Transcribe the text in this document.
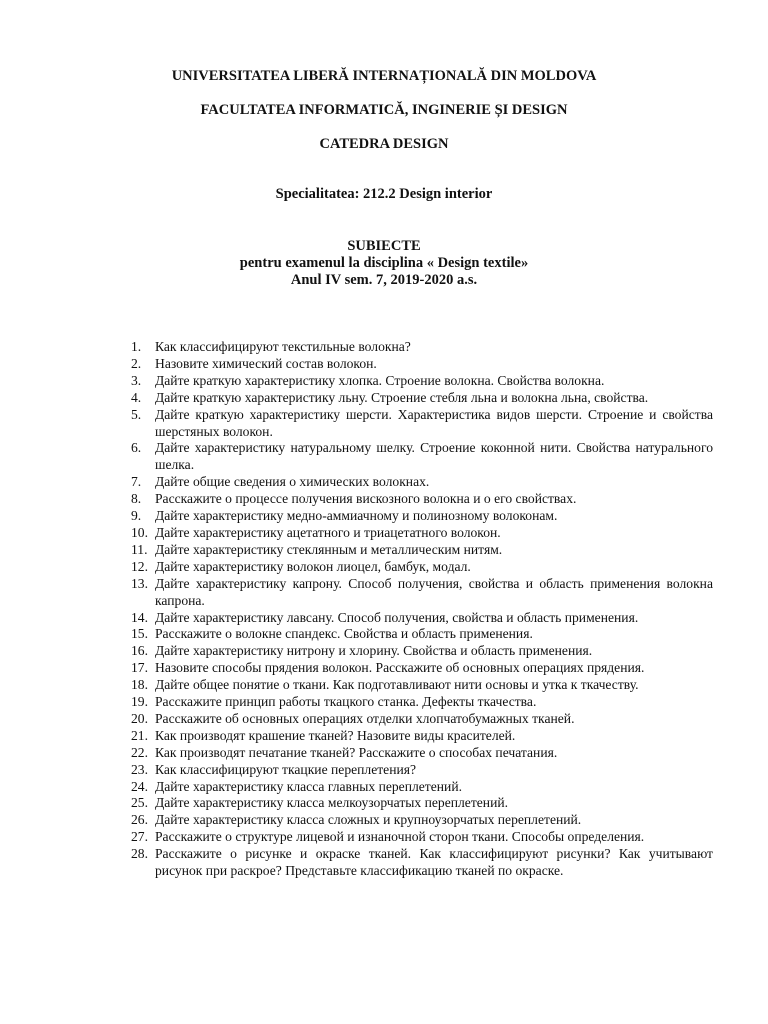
UNIVERSITATEA LIBERĂ INTERNAȚIONALĂ DIN MOLDOVA

FACULTATEA INFORMATICĂ, INGINERIE ȘI DESIGN

CATEDRA DESIGN

Specialitatea: 212.2 Design interior

SUBIECTE

pentru examenul la disciplina « Design textile»

Anul IV sem. 7, 2019-2020 a.s.

1. Как классифицируют текстильные волокна?
2. Назовите химический состав волокон.
3. Дайте краткую характеристику хлопка. Строение волокна. Свойства волокна.
4. Дайте краткую характеристику льну. Строение стебля льна и волокна льна, свойства.
5. Дайте краткую характеристику шерсти. Характеристика видов шерсти. Строение и свойства шерстяных волокон.
6. Дайте характеристику натуральному шелку. Строение коконной нити. Свойства натурального шелка.
7. Дайте общие сведения о химических волокнах.
8. Расскажите о процессе получения вискозного волокна и о его свойствах.
9. Дайте характеристику медно-аммиачному и полинозному волоконам.
10. Дайте характеристику ацетатного и триацетатного волокон.
11. Дайте характеристику стеклянным и металлическим нитям.
12. Дайте характеристику волокон лиоцел, бамбук, модал.
13. Дайте характеристику капрону. Способ получения, свойства и область применения волокна капрона.
14. Дайте характеристику лавсану. Способ получения, свойства и область применения.
15. Расскажите о волокне спандекс. Свойства и область применения.
16. Дайте характеристику нитрону и хлорину. Свойства и область применения.
17. Назовите способы прядения волокон. Расскажите об основных операциях прядения.
18. Дайте общее понятие о ткани. Как подготавливают нити основы и утка к ткачеству.
19. Расскажите принцип работы ткацкого станка. Дефекты ткачества.
20. Расскажите об основных операциях отделки хлопчатобумажных тканей.
21. Как производят крашение тканей? Назовите виды красителей.
22. Как производят печатание тканей? Расскажите о способах печатания.
23. Как классифицируют ткацкие переплетения?
24. Дайте характеристику класса главных переплетений.
25. Дайте характеристику класса мелкоузорчатых переплетений.
26. Дайте характеристику класса сложных и крупноузорчатых переплетений.
27. Расскажите о структуре лицевой и изнаночной сторон ткани. Способы определения.
28. Расскажите о рисунке и окраске тканей. Как классифицируют рисунки? Как учитывают рисунок при раскрое? Представьте классификацию тканей по окраске.
